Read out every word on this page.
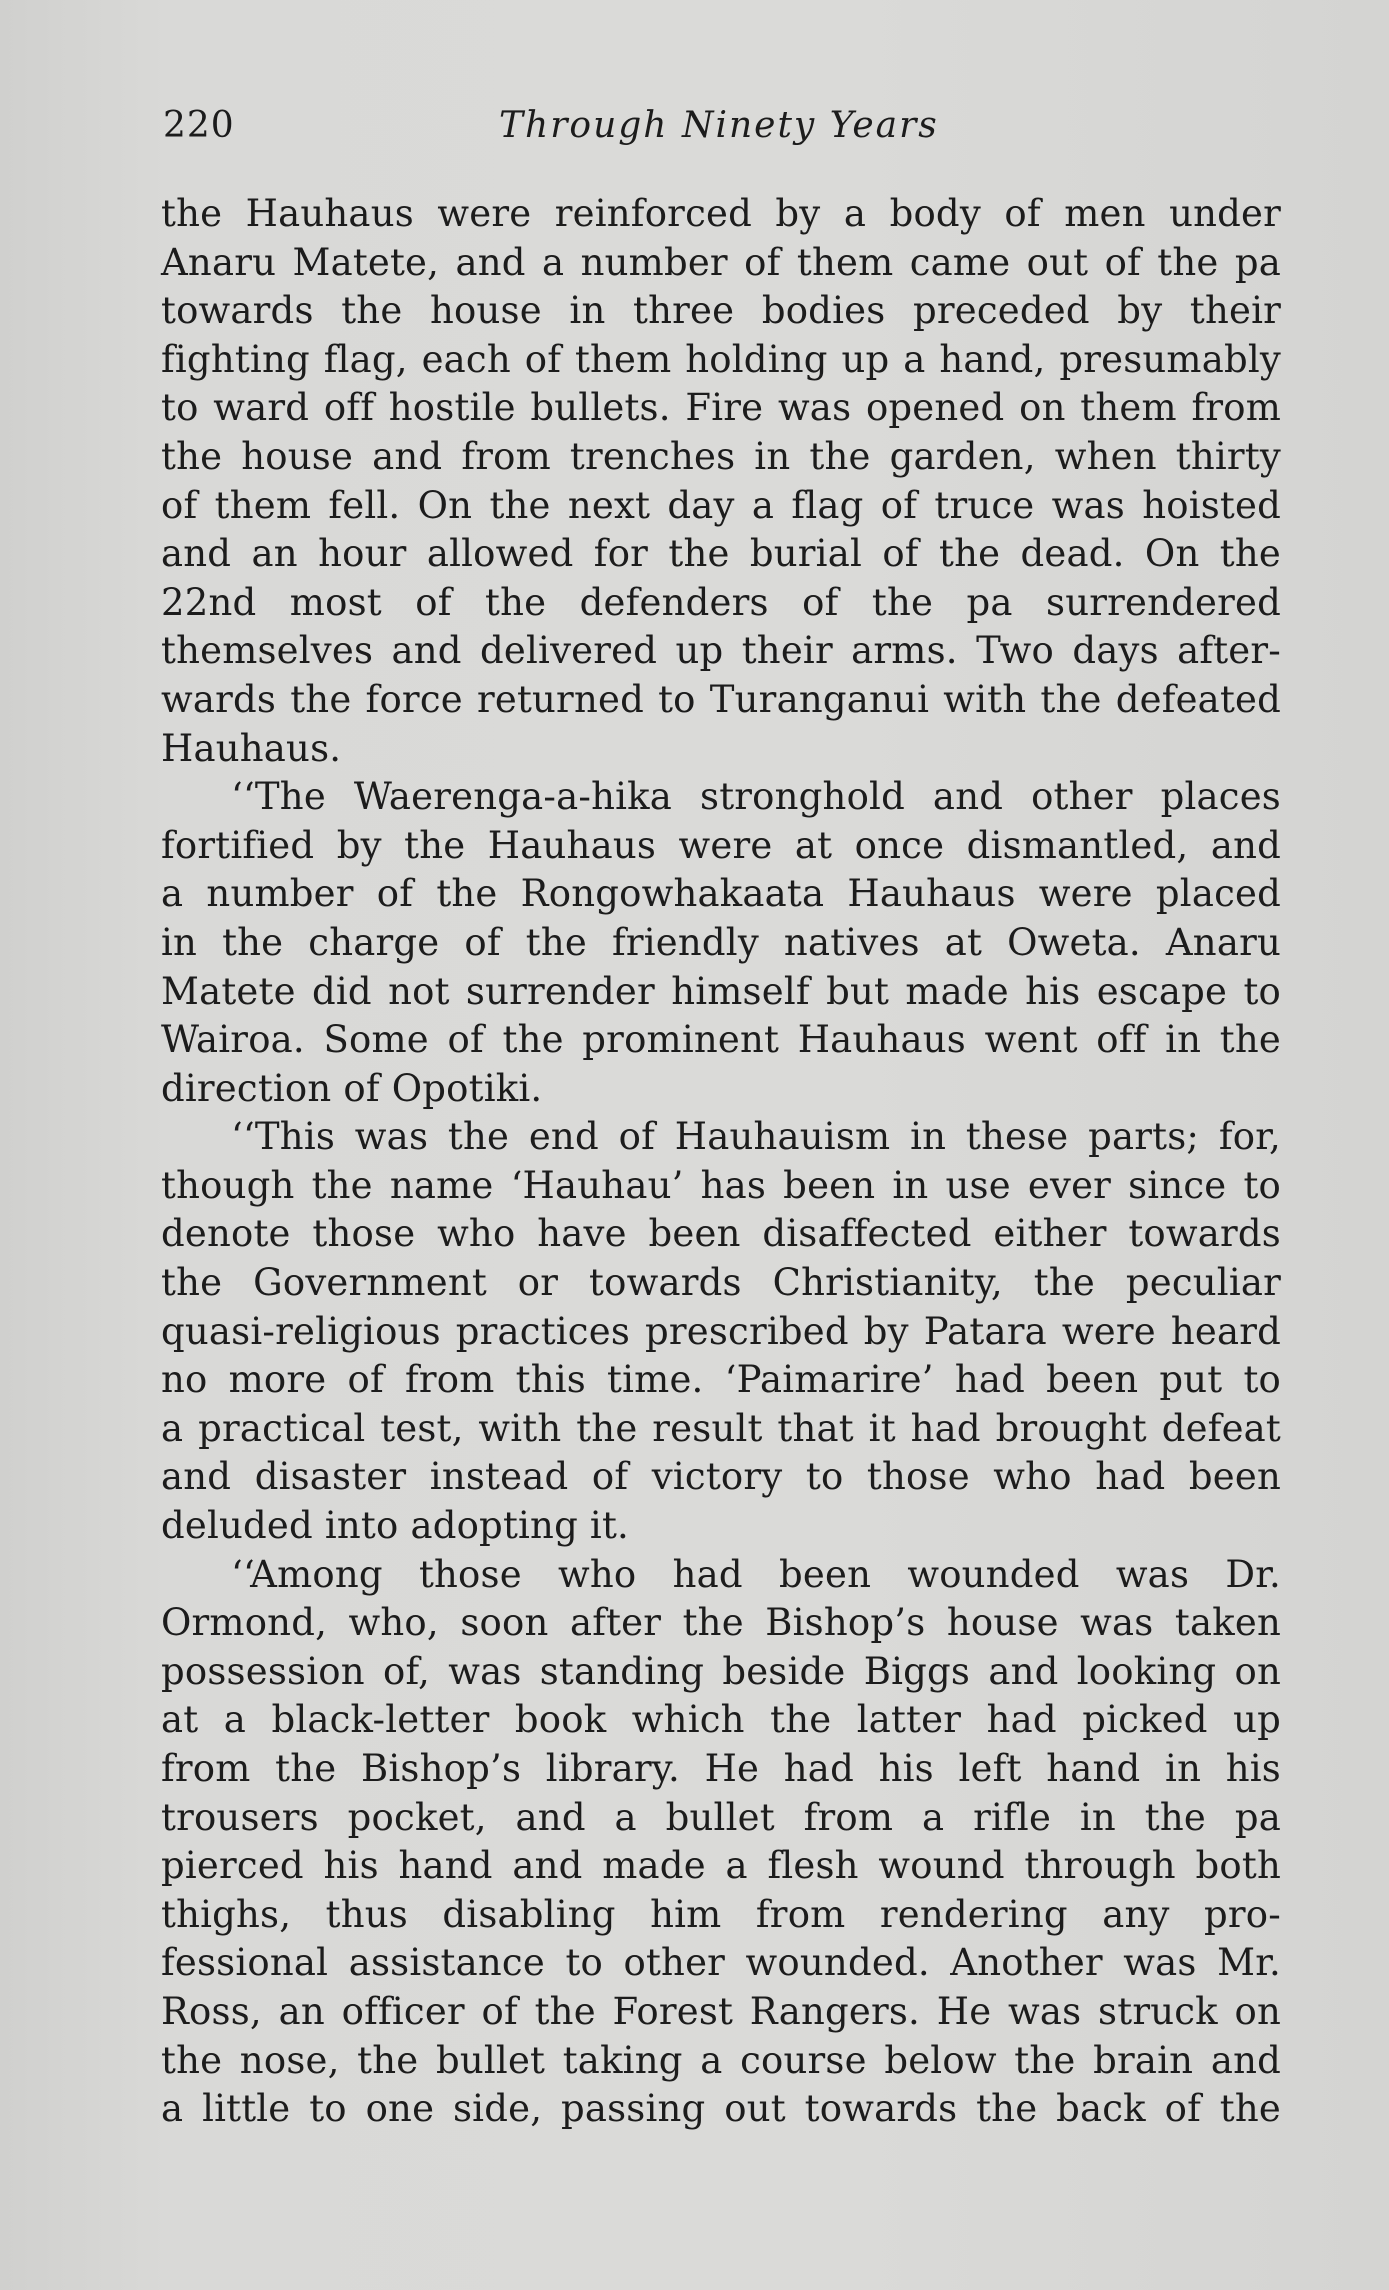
220	Through Ninety Years
the Hauhaus were reinforced by a body of men under
Anaru Matete, and a number of them came out of the pa
towards the house in three bodies preceded by their
fighting flag, each of them holding up a hand, presumably
to ward off hostile bullets. Fire was opened on them from
the house and from trenches in the garden, when thirty
of them fell. On the next day a flag of truce was hoisted
and an hour allowed for the burial of the dead. On the
22nd most of the defenders of the pa surrendered
themselves and delivered up their arms. Two days after-
wards the force returned to Turanganui with the defeated
Hauhaus.
‘‘The Waerenga-a-hika stronghold and other places
fortified by the Hauhaus were at once dismantled, and
a number of the Rongowhakaata Hauhaus were placed
in the charge of the friendly natives at Oweta. Anaru
Matete did not surrender himself but made his escape to
Wairoa. Some of the prominent Hauhaus went off in the
direction of Opotiki.
‘‘This was the end of Hauhauism in these parts; for,
though the name ‘Hauhau’ has been in use ever since to
denote those who have been disaffected either towards
the Government or towards Christianity, the peculiar
quasi-religious practices prescribed by Patara were heard
no more of from this time. ‘Paimarire’ had been put to
a practical test, with the result that it had brought defeat
and disaster instead of victory to those who had been
deluded into adopting it.
‘‘Among those who had been wounded was Dr.
Ormond, who, soon after the Bishop’s house was taken
possession of, was standing beside Biggs and looking on
at a black-letter book which the latter had picked up
from the Bishop’s library. He had his left hand in his
trousers pocket, and a bullet from a rifle in the pa
pierced his hand and made a flesh wound through both
thighs, thus disabling him from rendering any pro-
fessional assistance to other wounded. Another was Mr.
Ross, an officer of the Forest Rangers. He was struck on
the nose, the bullet taking a course below the brain and
a little to one side, passing out towards the back of the
